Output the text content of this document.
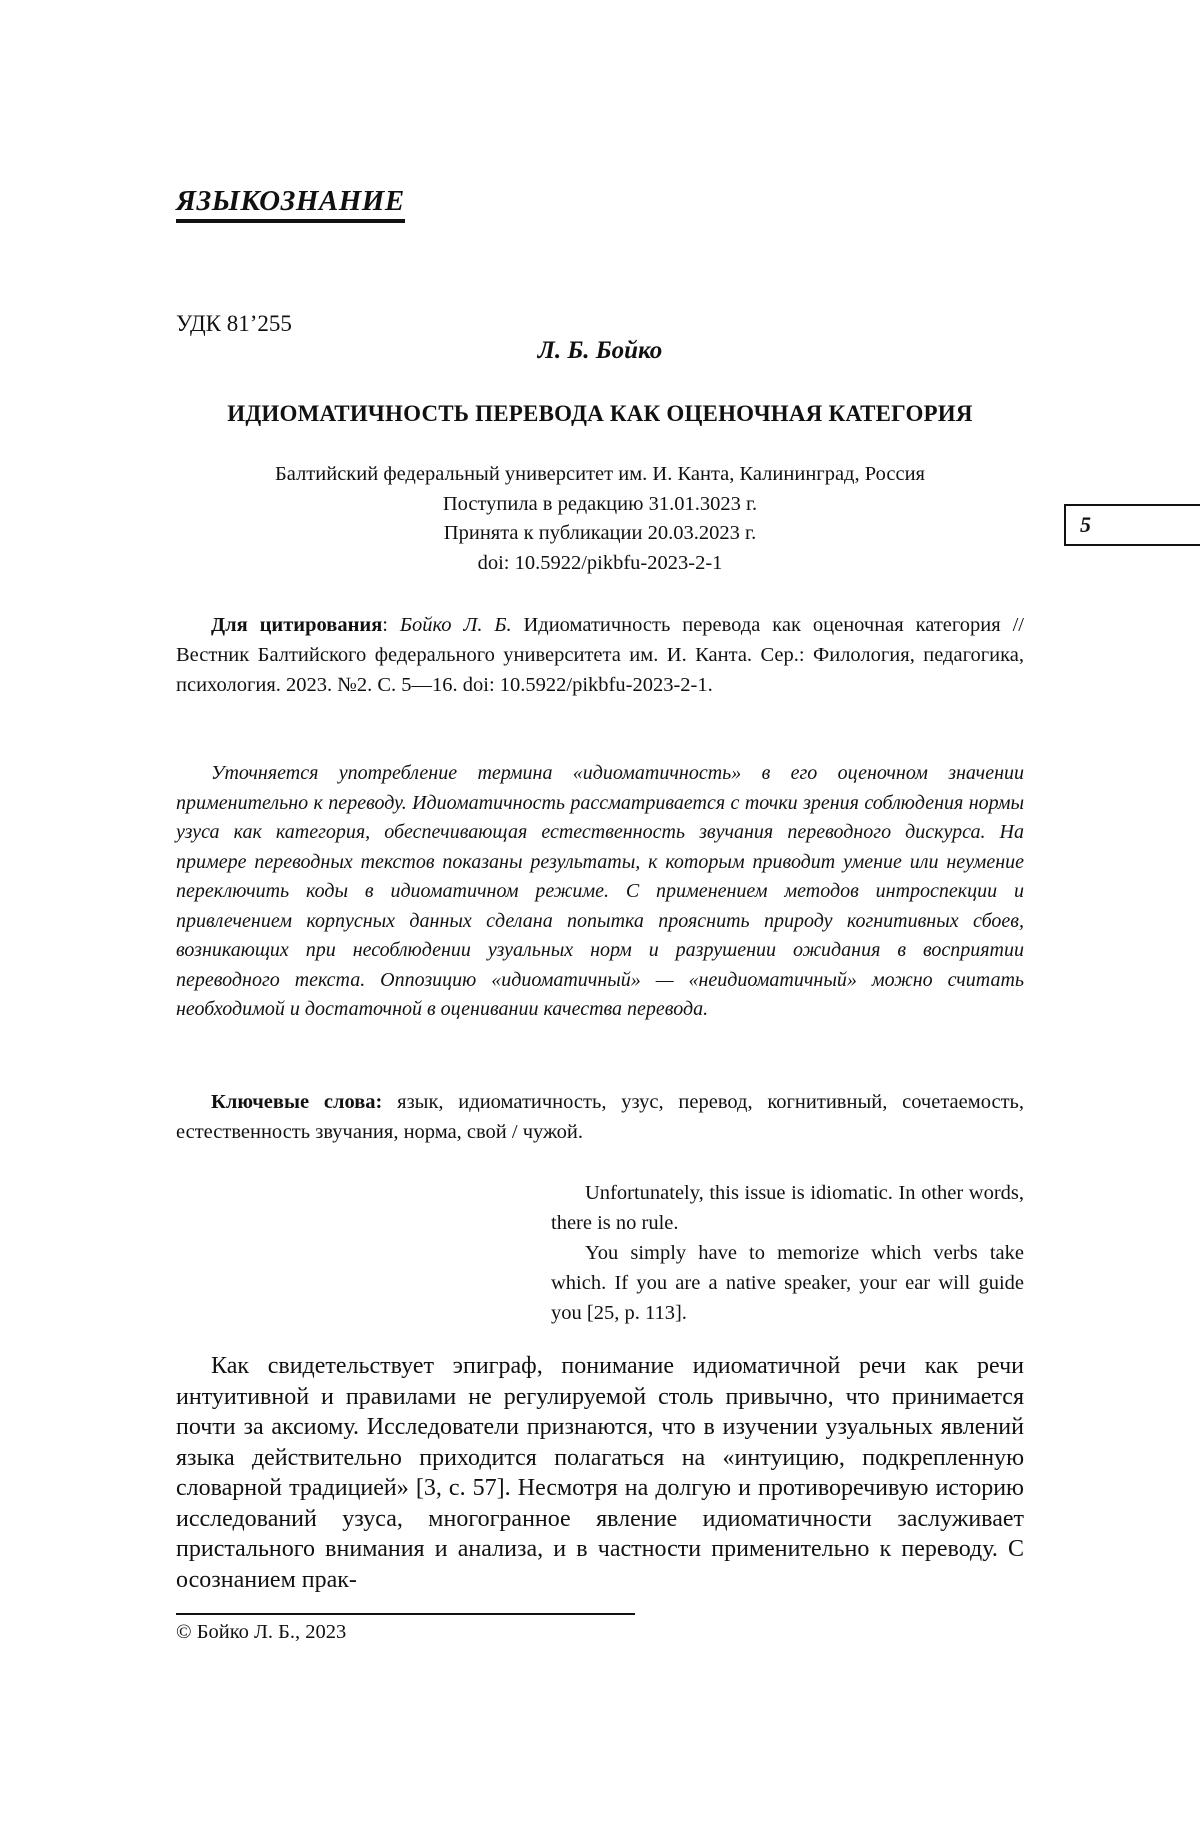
ЯЗЫКОЗНАНИЕ
УДК 81’255
Л. Б. Бойко
ИДИОМАТИЧНОСТЬ ПЕРЕВОДА КАК ОЦЕНОЧНАЯ КАТЕГОРИЯ
Балтийский федеральный университет им. И. Канта, Калининград, Россия
Поступила в редакцию 31.01.3023 г.
Принята к публикации 20.03.2023 г.
doi: 10.5922/pikbfu-2023-2-1
5

Для цитирования: Бойко Л. Б. Идиоматичность перевода как оценочная категория // Вестник Балтийского федерального университета им. И. Канта. Сер.: Филология, педагогика, психология. 2023. №2. С. 5—16. doi: 10.5922/pikbfu-2023-2-1.

Уточняется употребление термина «идиоматичность» в его оценочном значении применительно к переводу. Идиоматичность рассматривается с точки зрения соблюдения нормы узуса как категория, обеспечивающая естественность звучания переводного дискурса. На примере переводных текстов показаны результаты, к которым приводит умение или неумение переключить коды в идиоматичном режиме. С применением методов интроспекции и привлечением корпусных данных сделана попытка прояснить природу когнитивных сбоев, возникающих при несоблюдении узуальных норм и разрушении ожидания в восприятии переводного текста. Оппозицию «идиоматичный» — «неидиоматичный» можно считать необходимой и достаточной в оценивании качества перевода.

Ключевые слова: язык, идиоматичность, узус, перевод, когнитивный, сочетаемость, естественность звучания, норма, свой / чужой.

Unfortunately, this issue is idiomatic. In other words, there is no rule.

You simply have to memorize which verbs take which. If you are a native speaker, your ear will guide you [25, p. 113].

Как свидетельствует эпиграф, понимание идиоматичной речи как речи интуитивной и правилами не регулируемой столь привычно, что принимается почти за аксиому. Исследователи признаются, что в изучении узуальных явлений языка действительно приходится полагаться на «интуицию, подкрепленную словарной традицией» [3, с. 57]. Несмотря на долгую и противоречивую историю исследований узуса, многогранное явление идиоматичности заслуживает пристального внимания и анализа, и в частности применительно к переводу. С осознанием прак-

© Бойко Л. Б., 2023
